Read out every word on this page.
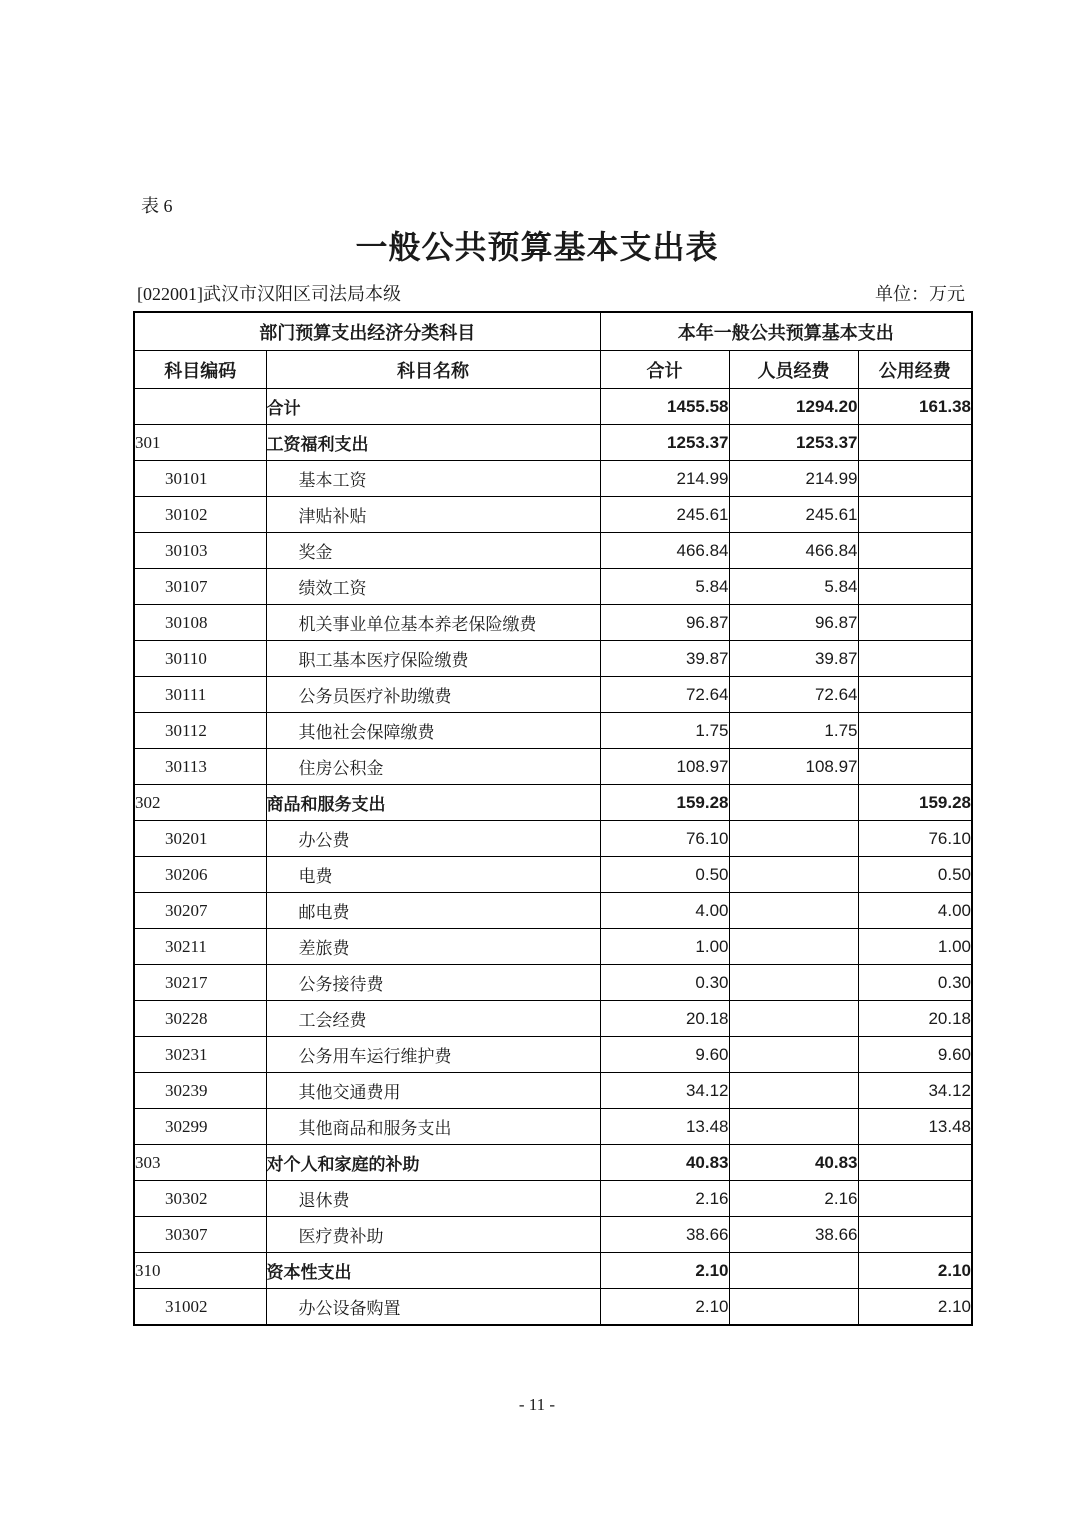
表 6
一般公共预算基本支出表
[022001]武汉市汉阳区司法局本级	单位：万元
部门预算支出经济分类科目		本年一般公共预算基本支出		
科目编码	科目名称	合计	人员经费	公用经费
	合计	1455.58	1294.20	161.38
301	工资福利支出	1253.37	1253.37	
30101	基本工资	214.99	214.99	
30102	津贴补贴	245.61	245.61	
30103	奖金	466.84	466.84	
30107	绩效工资	5.84	5.84	
30108	机关事业单位基本养老保险缴费	96.87	96.87	
30110	职工基本医疗保险缴费	39.87	39.87	
30111	公务员医疗补助缴费	72.64	72.64	
30112	其他社会保障缴费	1.75	1.75	
30113	住房公积金	108.97	108.97	
302	商品和服务支出	159.28		159.28
30201	办公费	76.10		76.10
30206	电费	0.50		0.50
30207	邮电费	4.00		4.00
30211	差旅费	1.00		1.00
30217	公务接待费	0.30		0.30
30228	工会经费	20.18		20.18
30231	公务用车运行维护费	9.60		9.60
30239	其他交通费用	34.12		34.12
30299	其他商品和服务支出	13.48		13.48
303	对个人和家庭的补助	40.83	40.83	
30302	退休费	2.16	2.16	
30307	医疗费补助	38.66	38.66	
310	资本性支出	2.10		2.10
31002	办公设备购置	2.10		2.10
- 11 -
